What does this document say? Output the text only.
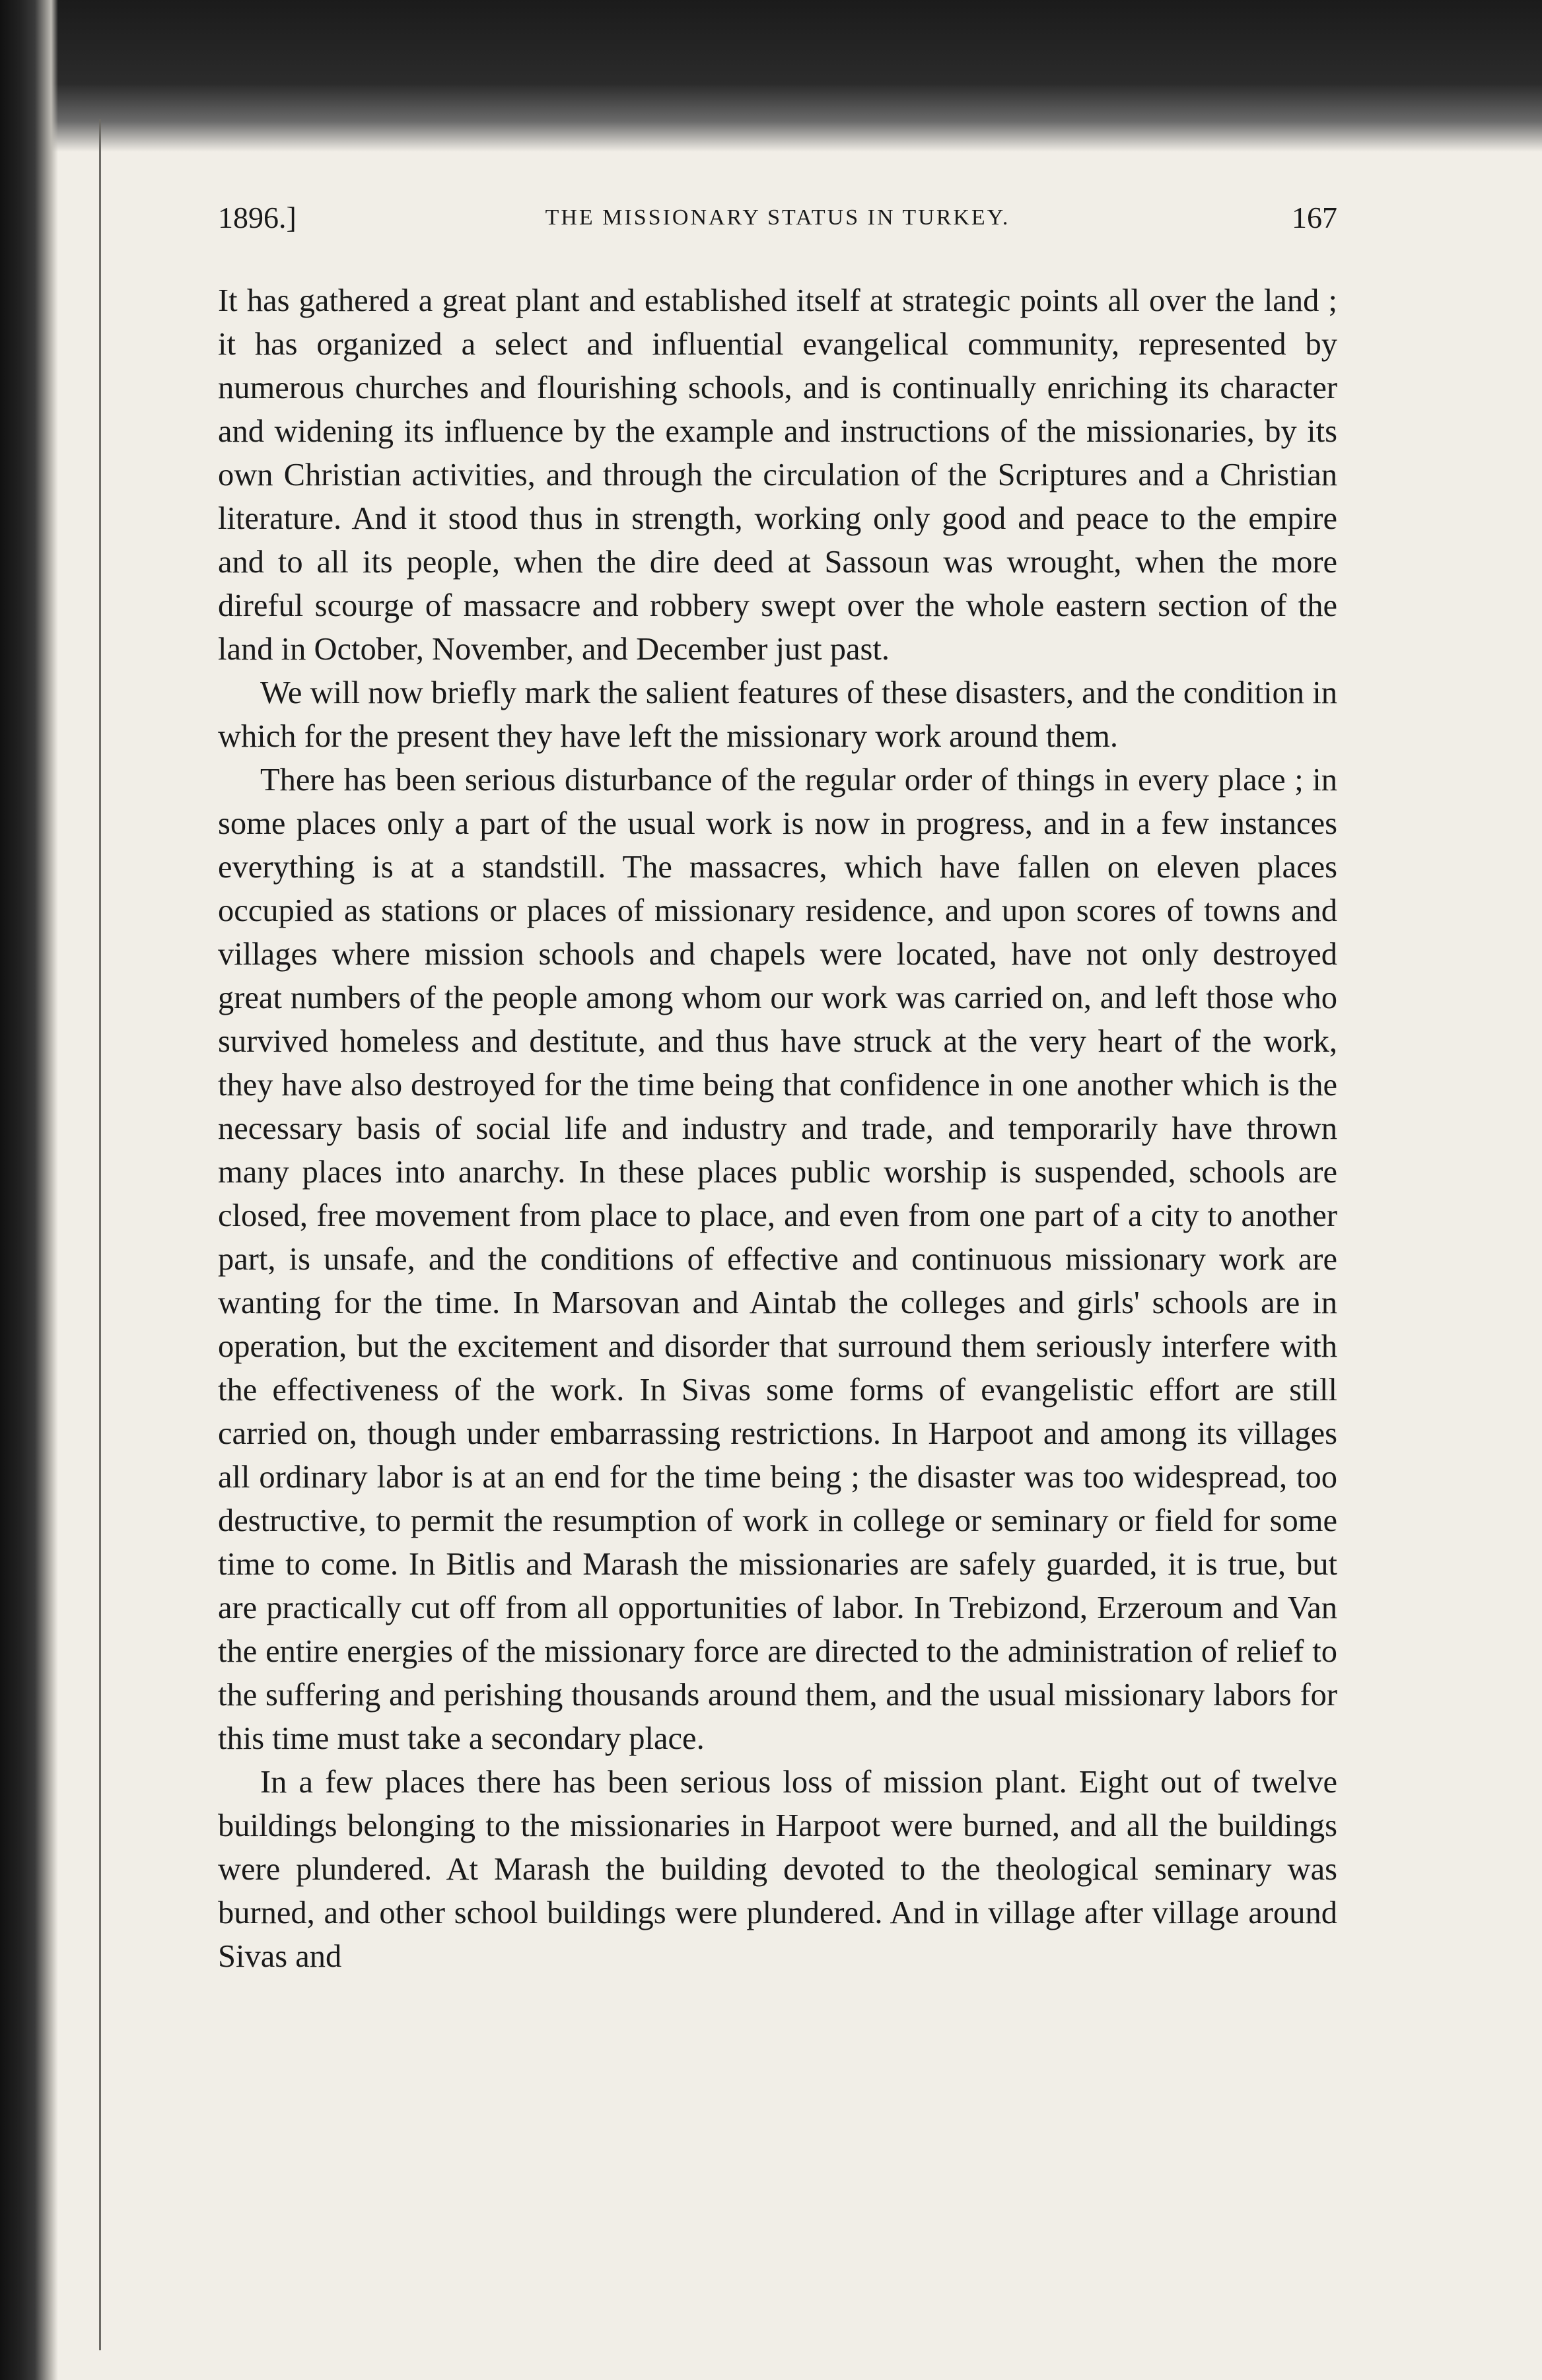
1896.]	THE MISSIONARY STATUS IN TURKEY.	167

It has gathered a great plant and established itself at strategic points all over the land ; it has organized a select and influential evangelical community, represented by numerous churches and flourishing schools, and is continually enriching its character and widening its influence by the example and instructions of the missionaries, by its own Christian activities, and through the circulation of the Scriptures and a Christian literature. And it stood thus in strength, working only good and peace to the empire and to all its people, when the dire deed at Sassoun was wrought, when the more direful scourge of massacre and robbery swept over the whole eastern section of the land in October, November, and December just past.

We will now briefly mark the salient features of these disasters, and the condition in which for the present they have left the missionary work around them.

There has been serious disturbance of the regular order of things in every place ; in some places only a part of the usual work is now in progress, and in a few instances everything is at a standstill. The massacres, which have fallen on eleven places occupied as stations or places of missionary residence, and upon scores of towns and villages where mission schools and chapels were located, have not only destroyed great numbers of the people among whom our work was carried on, and left those who survived homeless and destitute, and thus have struck at the very heart of the work, they have also destroyed for the time being that confidence in one another which is the necessary basis of social life and industry and trade, and temporarily have thrown many places into anarchy. In these places public worship is suspended, schools are closed, free movement from place to place, and even from one part of a city to another part, is unsafe, and the conditions of effective and continuous missionary work are wanting for the time. In Marsovan and Aintab the colleges and girls' schools are in operation, but the excitement and disorder that surround them seriously interfere with the effectiveness of the work. In Sivas some forms of evangelistic effort are still carried on, though under embarrassing restrictions. In Harpoot and among its villages all ordinary labor is at an end for the time being ; the disaster was too widespread, too destructive, to permit the resumption of work in college or seminary or field for some time to come. In Bitlis and Marash the missionaries are safely guarded, it is true, but are practically cut off from all opportunities of labor. In Trebizond, Erzeroum and Van the entire energies of the missionary force are directed to the administration of relief to the suffering and perishing thousands around them, and the usual missionary labors for this time must take a secondary place.

In a few places there has been serious loss of mission plant. Eight out of twelve buildings belonging to the missionaries in Harpoot were burned, and all the buildings were plundered. At Marash the building devoted to the theological seminary was burned, and other school buildings were plundered. And in village after village around Sivas and
